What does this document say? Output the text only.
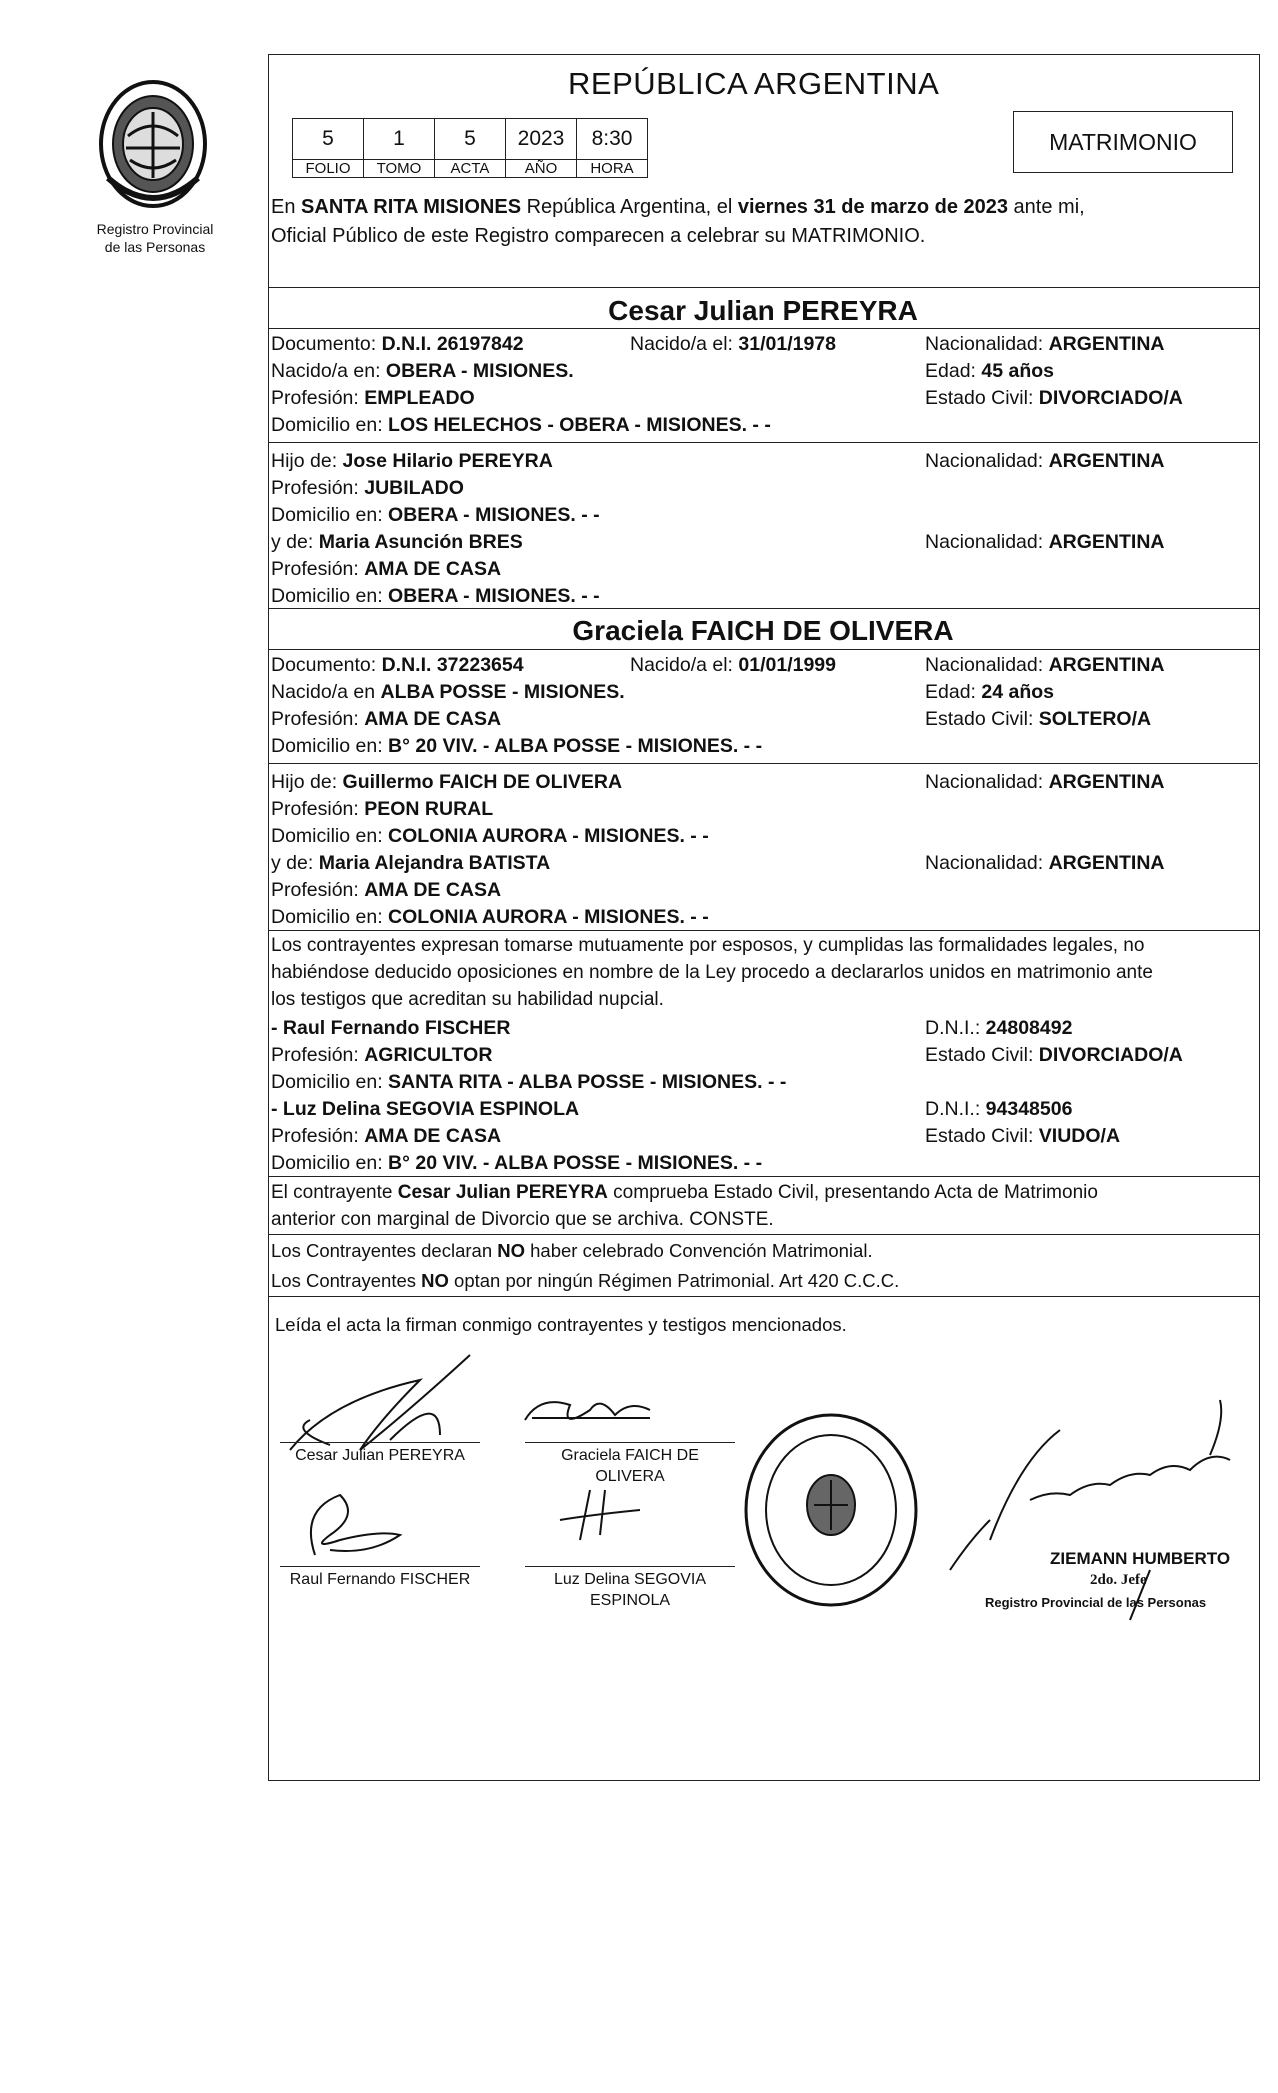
Registro Provincial
de las Personas
REPÚBLICA ARGENTINA
5	1	5	2023	8:30
FOLIO	TOMO	ACTA	AÑO	HORA
MATRIMONIO
En SANTA RITA MISIONES República Argentina, el viernes 31 de marzo de 2023 ante mi,
Oficial Público de este Registro comparecen a celebrar su MATRIMONIO.
Cesar Julian PEREYRA
Documento: D.N.I. 26197842	Nacido/a el: 31/01/1978	Nacionalidad: ARGENTINA
Nacido/a en: OBERA - MISIONES.	Edad: 45 años
Profesión: EMPLEADO	Estado Civil: DIVORCIADO/A
Domicilio en: LOS HELECHOS - OBERA - MISIONES. - -
Hijo de: Jose Hilario PEREYRA	Nacionalidad: ARGENTINA
Profesión: JUBILADO
Domicilio en: OBERA - MISIONES. - -
y de: Maria Asunción BRES	Nacionalidad: ARGENTINA
Profesión: AMA DE CASA
Domicilio en: OBERA - MISIONES. - -
Graciela FAICH DE OLIVERA
Documento: D.N.I. 37223654	Nacido/a el: 01/01/1999	Nacionalidad: ARGENTINA
Nacido/a en ALBA POSSE - MISIONES.	Edad: 24 años
Profesión: AMA DE CASA	Estado Civil: SOLTERO/A
Domicilio en: B° 20 VIV. - ALBA POSSE - MISIONES. - -
Hijo de: Guillermo FAICH DE OLIVERA	Nacionalidad: ARGENTINA
Profesión: PEON RURAL
Domicilio en: COLONIA AURORA - MISIONES. - -
y de: Maria Alejandra BATISTA	Nacionalidad: ARGENTINA
Profesión: AMA DE CASA
Domicilio en: COLONIA AURORA - MISIONES. - -
Los contrayentes expresan tomarse mutuamente por esposos, y cumplidas las formalidades legales, no
habiéndose deducido oposiciones en nombre de la Ley procedo a declararlos unidos en matrimonio ante
los testigos que acreditan su habilidad nupcial.
- Raul Fernando FISCHER	D.N.I.: 24808492
Profesión: AGRICULTOR	Estado Civil: DIVORCIADO/A
Domicilio en: SANTA RITA - ALBA POSSE - MISIONES. - -
- Luz Delina SEGOVIA ESPINOLA	D.N.I.: 94348506
Profesión: AMA DE CASA	Estado Civil: VIUDO/A
Domicilio en: B° 20 VIV. - ALBA POSSE - MISIONES. - -
El contrayente Cesar Julian PEREYRA comprueba Estado Civil, presentando Acta de Matrimonio
anterior con marginal de Divorcio que se archiva. CONSTE.
Los Contrayentes declaran NO haber celebrado Convención Matrimonial.
Los Contrayentes NO optan por ningún Régimen Patrimonial. Art 420 C.C.C.
Leída el acta la firman conmigo contrayentes y testigos mencionados.
Cesar Julian PEREYRA	Graciela FAICH DE
OLIVERA
Raul Fernando FISCHER	Luz Delina SEGOVIA
ESPINOLA
ZIEMANN HUMBERTO
2do. Jefe
Registro Provincial de las Personas
